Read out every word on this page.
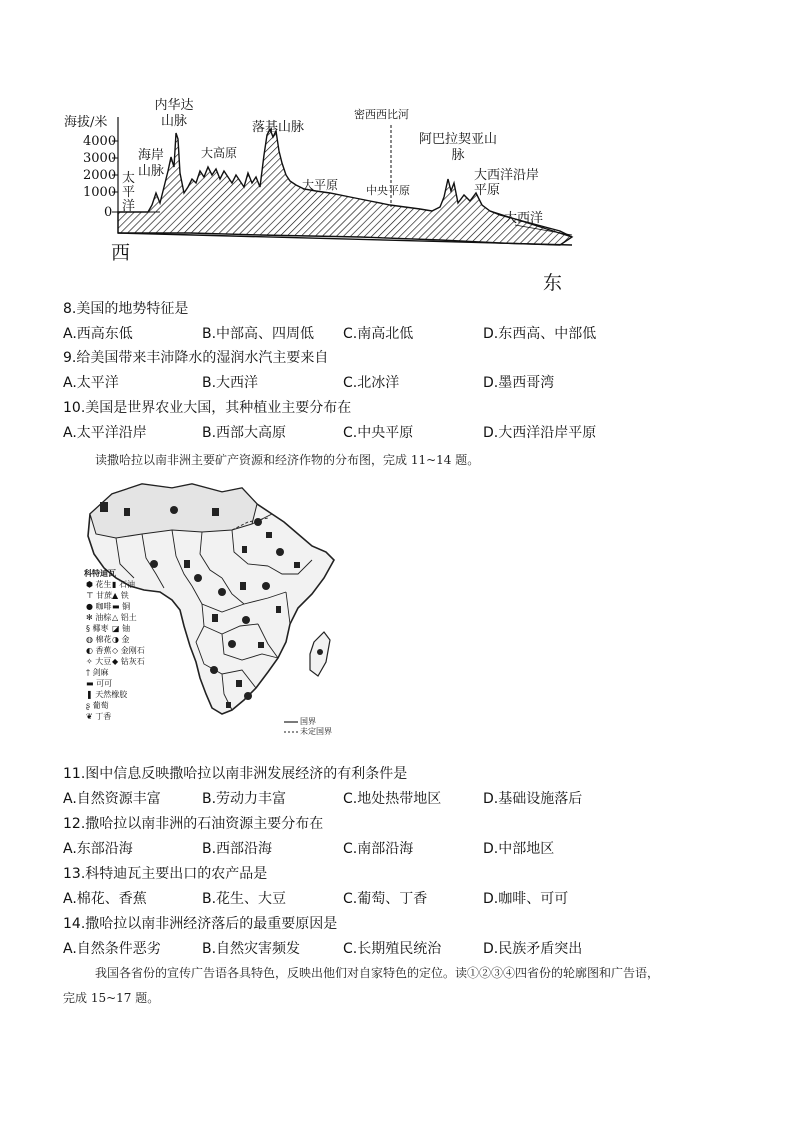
海拔/米
4000
3000
2000
1000
0
太平洋
海岸山脉
内华达山脉
大高原
落基山脉
大平原
密西西比河
中央平原
阿巴拉契亚山脉
大西洋沿岸平原
大西洋
西
东
8.美国的地势特征是
A.西高东低	B.中部高、四周低 C.南高北低	D.东西高、中部低
9.给美国带来丰沛降水的湿润水汽主要来自
A.太平洋	B.大西洋	C.北冰洋	D.墨西哥湾
10.美国是世界农业大国，其种植业主要分布在
A.太平洋沿岸	B.西部大高原	C.中央平原	D.大西洋沿岸平原
读撒哈拉以南非洲主要矿产资源和经济作物的分布图，完成 11~14 题。
科特迪瓦
⬢ 花生
⊤ 甘蔗
● 咖啡
✻ 油棕
§ 椰枣
◍ 棉花
◐ 香蕉
✧ 大豆
† 剑麻
▬ 可可
❚ 天然橡胶
ʂ 葡萄
❦ 丁香
▮ 石油
▲ 铁
▬ 铜
△ 铝土
◪ 铀
◑ 金
◇ 金刚石
◆ 钻灰石
国界
未定国界
11.图中信息反映撒哈拉以南非洲发展经济的有利条件是
A.自然资源丰富	B.劳动力丰富	C.地处热带地区	D.基础设施落后
12.撒哈拉以南非洲的石油资源主要分布在
A.东部沿海	B.西部沿海	C.南部沿海	D.中部地区
13.科特迪瓦主要出口的农产品是
A.棉花、香蕉	B.花生、大豆	C.葡萄、丁香	D.咖啡、可可
14.撒哈拉以南非洲经济落后的最重要原因是
A.自然条件恶劣	B.自然灾害频发	C.长期殖民统治	D.民族矛盾突出
我国各省份的宣传广告语各具特色，反映出他们对自家特色的定位。读①②③④四省份的轮廓图和广告语，
完成 15~17 题。
